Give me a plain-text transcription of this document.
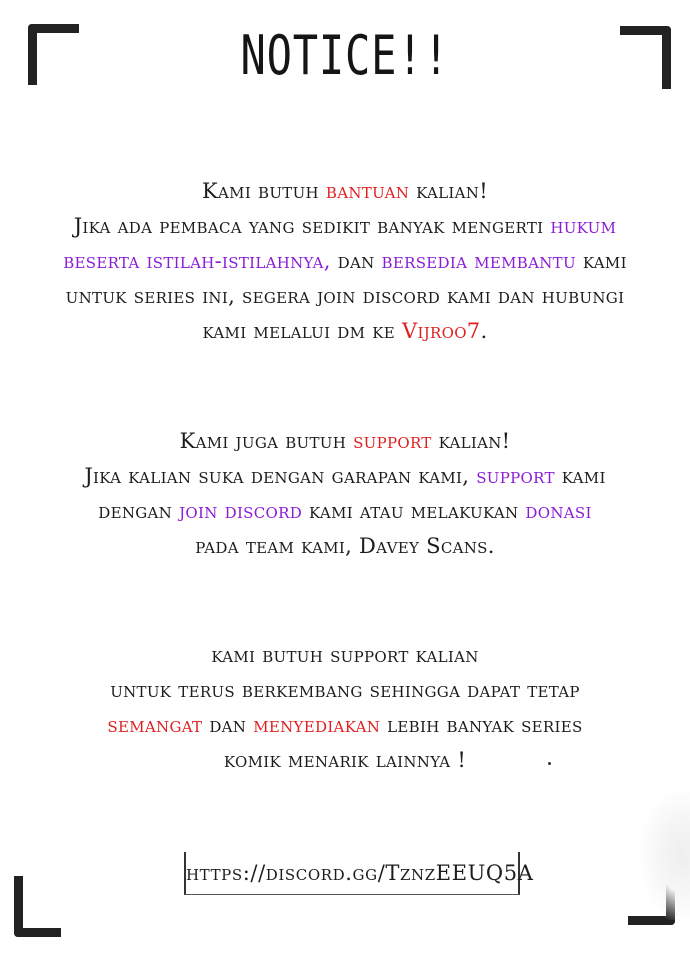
NOTICE!!
Kami butuh bantuan kalian!
Jika ada pembaca yang sedikit banyak mengerti hukum
beserta istilah-istilahnya, dan bersedia membantu kami
untuk series ini, segera join discord kami dan hubungi
kami melalui dm ke Vijroo7.
Kami juga butuh support kalian!
Jika kalian suka dengan garapan kami, support kami
dengan join discord kami atau melakukan donasi
pada team kami, Davey Scans.
kami butuh support kalian
untuk terus berkembang sehingga dapat tetap
semangat dan menyediakan lebih banyak series
komik menarik lainnya !
https://discord.gg/TznzEEUQ5A
